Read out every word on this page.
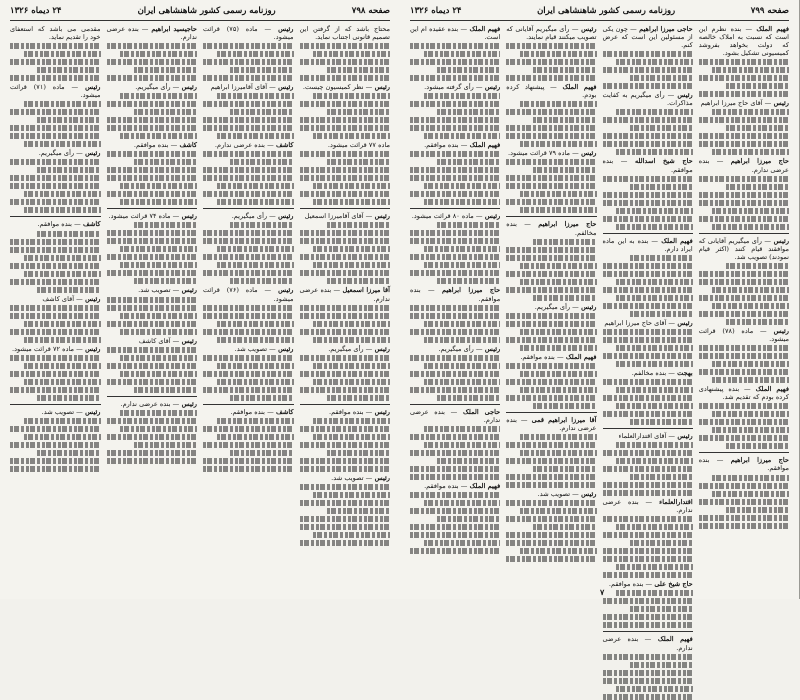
صفحه ۷۹۸
روزنامه رسمی کشور شاهنشاهی ایران
۲۴ دیماه ۱۳۲۶
محتاج باشد که از گرفتن این تصمیم قانونی اجتناب نماید.
رئیس — نظر کمیسیون چیست.
ماده ۷۷ قرائت میشود.
رئیس — آقای آقامیرزا اسمعیل
آقا میرزا اسمعیل — بنده عرضی ندارم.
رئیس — رأی میگیریم.
رئیس — بنده موافقم.
رئیس — تصویب شد.
رئیس — ماده (۷۵) قرائت میشود.
رئیس — آقای آقامیرزا ابراهیم
کاشف — بنده عرضی ندارم.
رئیس — رأی میگیریم.
رئیس — ماده (۷۶) قرائت میشود.
رئیس — تصویب شد.
کاشف — بنده موافقم.
حاجیسید ابراهیم — بنده عرضی ندارم.
رئیس — رأی میگیریم.
کاشف — بنده موافقم.
رئیس — ماده ۷۴ قرائت میشود.
رئیس — تصویب شد.
رئیس — آقای کاشف
رئیس — بنده عرضی ندارم.
مقدمی می باشد که استعفای خود را تقدیم نماید.
رئیس — ماده (۷۱) قرائت میشود.
رئیس — رأی میگیریم.
کاشف — بنده موافقم.
رئیس — آقای کاشف
رئیس — ماده ۷۲ قرائت میشود.
رئیس — تصویب شد.
صفحه ۷۹۹
روزنامه رسمی کشور شاهنشاهی ایران
۲۴ دیماه ۱۳۲۶
فهیم الملک — بنده نظرم این است که نسبت به املاک خالصه که دولت بخواهد بفروشد کمیسیونی تشکیل بشود.
رئیس — آقای حاج میرزا ابراهیم
حاج میرزا ابراهیم — بنده عرضی ندارم.
رئیس — رأی میگیریم آقایانی که موافقند قیام کنند (اکثر قیام نمودند) تصویب شد.
رئیس — ماده (۷۸) قرائت میشود.
فهیم الملک — بنده پیشنهادی کرده بودم که تقدیم شد.
حاج میرزا ابراهیم — بنده موافقم.
حاجی میرزا ابراهیم — چون یکی از مسئولین این است که عرض کنم.
رئیس — رأی میگیریم به کفایت مذاکرات.
حاج شیخ اسدالله — بنده موافقم.
فهیم الملک — بنده به این ماده ایراد دارم.
رئیس — آقای حاج میرزا ابراهیم
بهجت — بنده مخالفم.
رئیس — آقای اقتدارالعلماء
اقتدارالعلماء — بنده عرضی ندارم.
حاج شیخ علی — بنده موافقم.
فهیم الملک — بنده عرضی ندارم.
رئیس — رأی میگیریم آقایانی که تصویب میکنند قیام نمایند.
فهیم الملک — پیشنهاد کرده بودم.
رئیس — ماده ۷۹ قرائت میشود.
حاج میرزا ابراهیم — بنده مخالفم.
رئیس — رأی میگیریم.
فهیم الملک — بنده موافقم.
آقا میرزا ابراهیم قمی — بنده عرضی ندارم.
رئیس — تصویب شد.
فهیم الملک — بنده عقیده ام این است.
رئیس — رأی گرفته میشود.
فهیم الملک — بنده موافقم.
رئیس — ماده ۸۰ قرائت میشود.
حاج میرزا ابراهیم — بنده موافقم.
رئیس — رأی میگیریم.
حاجی الملک — بنده عرضی ندارم.
فهیم الملک — بنده موافقم.
۷
